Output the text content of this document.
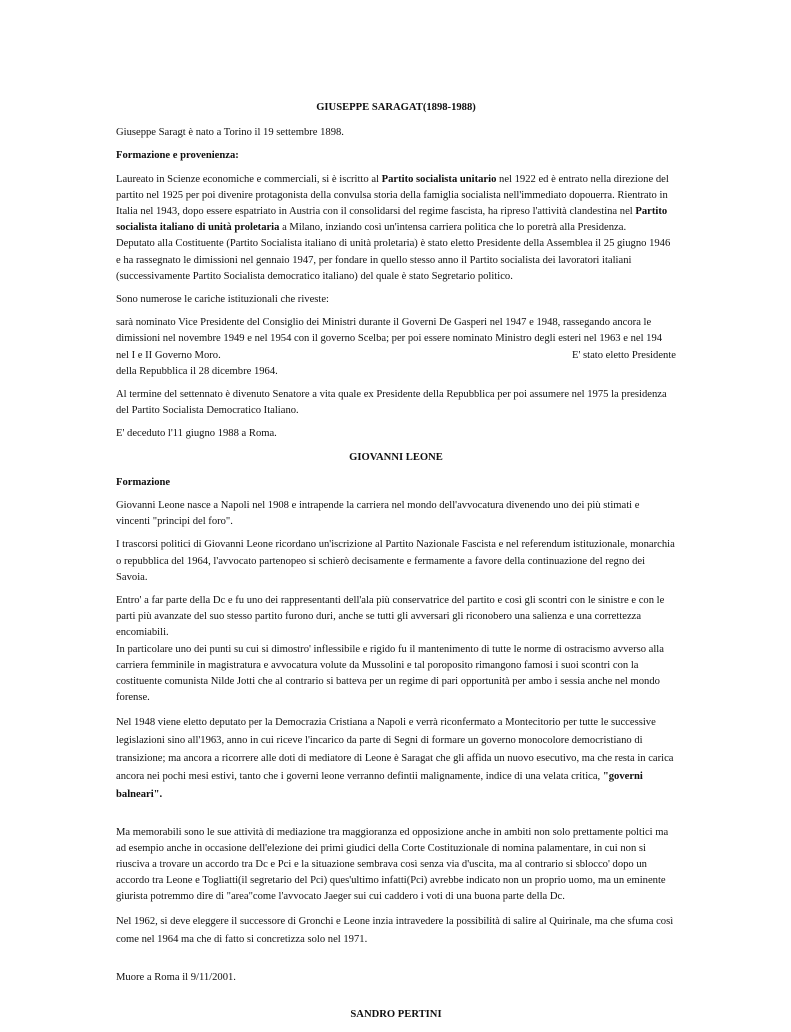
GIUSEPPE SARAGAT(1898-1988)

Giuseppe Saragt è nato a Torino il 19 settembre 1898.

Formazione e provenienza:

Laureato in Scienze economiche e commerciali, si è iscritto al Partito socialista unitario nel 1922 ed è entrato nella direzione del partito nel 1925 per poi divenire protagonista della convulsa storia della famiglia socialista nell'immediato dopouerra. Rientrato in Italia nel 1943, dopo essere espatriato in Austria con il consolidarsi del regime fascista, ha ripreso l'attività clandestina nel Partito socialista italiano di unità proletaria a Milano, inziando così un'intensa carriera politica che lo poretrà alla Presidenza.

Deputato alla Costituente (Partito Socialista italiano di unità proletaria) è stato eletto Presidente della Assemblea il 25 giugno 1946 e ha rassegnato le dimissioni nel gennaio 1947, per fondare in quello stesso anno il Partito socialista dei lavoratori italiani (successivamente Partito Socialista democratico italiano) del quale è stato Segretario politico.

Sono numerose le cariche istituzionali che riveste:

sarà nominato Vice Presidente del Consiglio dei Ministri durante il Governi De Gasperi nel 1947 e 1948, rassegando ancora le dimissioni nel novembre 1949 e nel 1954 con il governo Scelba; per poi essere nominato Ministro degli esteri nel 1963 e nel 194 nel I e II Governo Moro.	E' stato eletto Presidente

della Repubblica il 28 dicembre 1964.

Al termine del settennato è divenuto Senatore a vita quale ex Presidente della Repubblica per poi assumere nel 1975 la presidenza del Partito Socialista Democratico Italiano.

E' deceduto l'11 giugno 1988 a Roma.

GIOVANNI LEONE

Formazione

Giovanni Leone nasce a Napoli nel 1908 e intrapende la carriera nel mondo dell'avvocatura divenendo uno dei più stimati e vincenti "principi del foro".

I trascorsi politici di Giovanni Leone ricordano un'iscrizione al Partito Nazionale Fascista e nel referendum istituzionale, monarchia o repubblica del 1964, l'avvocato partenopeo si schierò decisamente e fermamente a favore della continuazione del regno dei Savoia.

Entro' a far parte della Dc e fu uno dei rappresentanti dell'ala più conservatrice del partito e così gli scontri con le sinistre e con le parti più avanzate del suo stesso partito furono duri, anche se tutti gli avversari gli riconobero una salienza e una correttezza encomiabili.

In particolare uno dei punti su cui si dimostro' inflessibile e rigido fu il mantenimento di tutte le norme di ostracismo avverso alla carriera femminile in magistratura e avvocatura volute da Mussolini e tal poroposito rimangono famosi i suoi scontri con la costituente comunista Nilde Jotti che al contrario si batteva per un regime di pari opportunità per ambo i sessia anche nel mondo forense.

Nel 1948 viene eletto deputato per la Democrazia Cristiana a Napoli e verrà riconfermato a Montecitorio per tutte le successive legislazioni sino all'1963, anno in cui riceve l'incarico da parte di Segni di formare un governo monocolore democristiano di transizione; ma ancora a ricorrere alle doti di mediatore di Leone è Saragat che gli affida un nuovo esecutivo, ma che resta in carica ancora nei pochi mesi estivi, tanto che i governi leone verranno defintii malignamente, indice di una velata critica, "governi balneari".

Ma memorabili sono le sue attività di mediazione tra maggioranza ed opposizione anche in ambiti non solo prettamente poltici ma ad esempio anche in occasione dell'elezione dei primi giudici della Corte Costituzionale di nomina palamentare, in cui non si riusciva a trovare un accordo tra Dc e Pci e la situazione sembrava così senza via d'uscita, ma al contrario si sblocco' dopo un accordo tra Leone e Togliatti(il segretario del Pci) ques'ultimo infatti(Pci) avrebbe indicato non un proprio uomo, ma un eminente giurista potremmo dire di "area"come l'avvocato Jaeger sui cui caddero i voti di una buona parte della Dc.

Nel 1962, si deve eleggere il successore di Gronchi e Leone inzia intravedere la possibilità di salire al Quirinale, ma che sfuma così come nel 1964 ma che di fatto si concretizza solo nel 1971.

Muore a Roma il 9/11/2001.

SANDRO PERTINI
